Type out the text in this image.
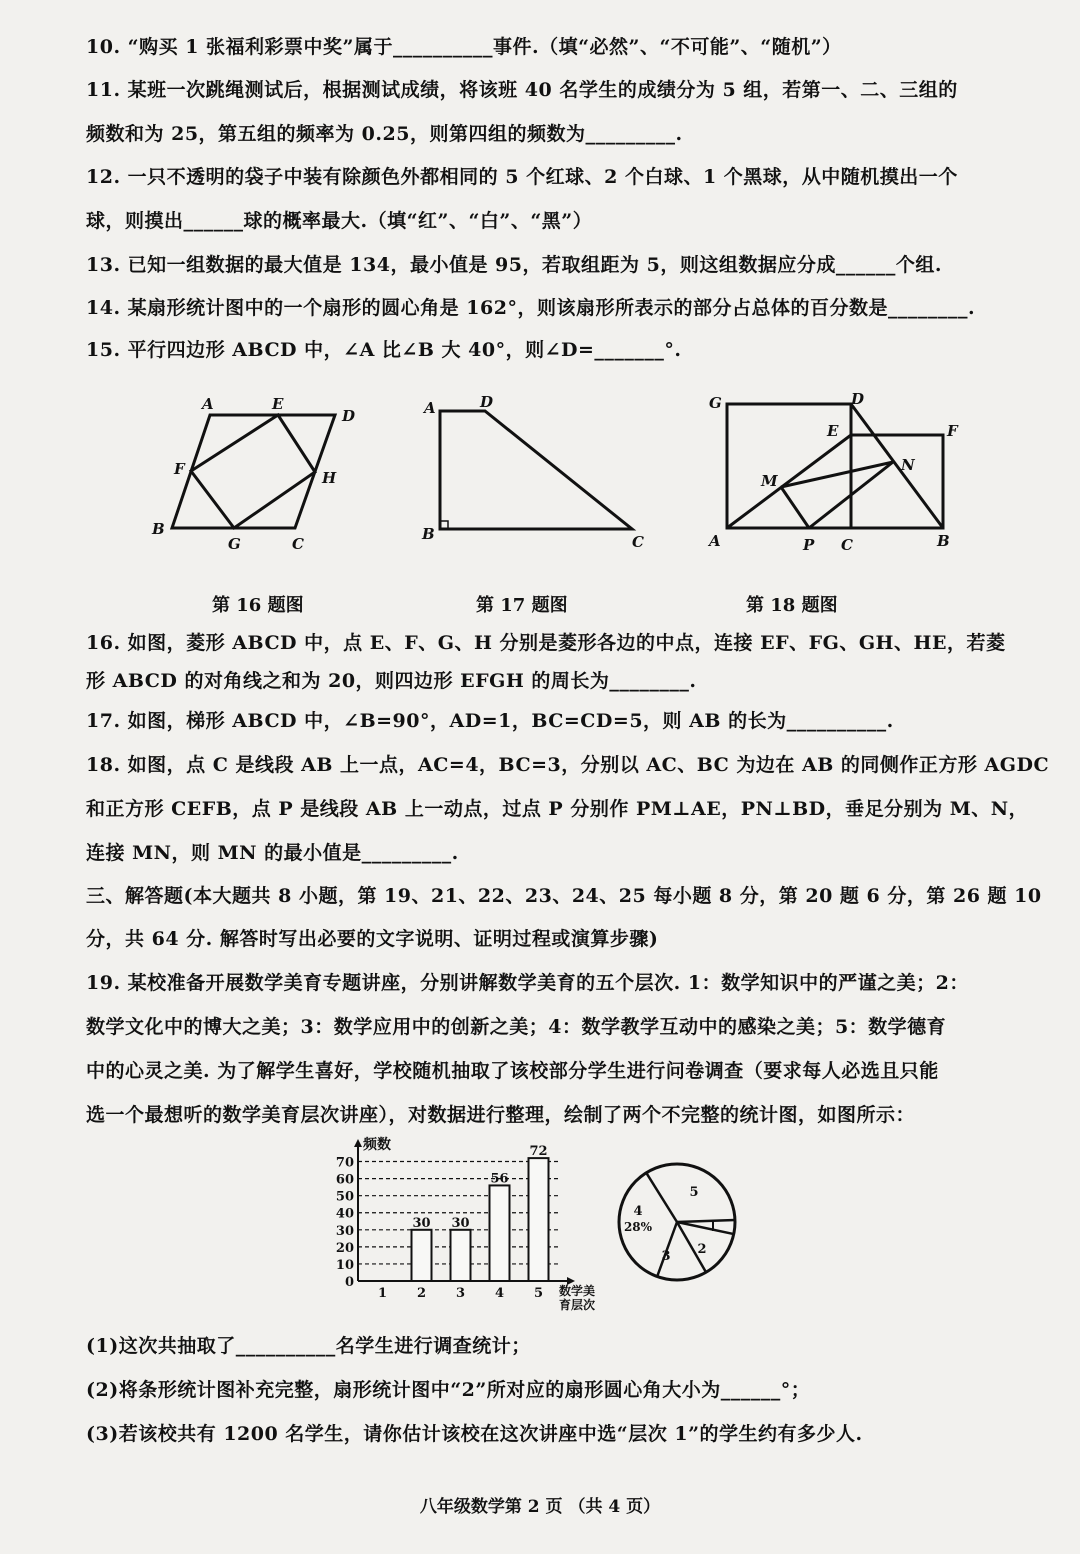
10. “购买 1 张福利彩票中奖”属于__________事件.（填“必然”、“不可能”、“随机”）
11. 某班一次跳绳测试后，根据测试成绩，将该班 40 名学生的成绩分为 5 组，若第一、二、三组的
频数和为 25，第五组的频率为 0.25，则第四组的频数为_________.
12. 一只不透明的袋子中装有除颜色外都相同的 5 个红球、2 个白球、1 个黑球，从中随机摸出一个
球，则摸出______球的概率最大.（填“红”、“白”、“黑”）
13. 已知一组数据的最大值是 134，最小值是 95，若取组距为 5，则这组数据应分成______个组.
14. 某扇形统计图中的一个扇形的圆心角是 162°，则该扇形所表示的部分占总体的百分数是________.
15. 平行四边形 ABCD 中，∠A 比∠B 大 40°，则∠D=_______°.
A	E
D
F	H
B
G	C
第 16 题图
A	D
B	C
第 17 题图
G	D
E	F
N
M
A	P C	B
第 18 题图
16. 如图，菱形 ABCD 中，点 E、F、G、H 分别是菱形各边的中点，连接 EF、FG、GH、HE，若菱
形 ABCD 的对角线之和为 20，则四边形 EFGH 的周长为________.
17. 如图，梯形 ABCD 中，∠B=90°，AD=1，BC=CD=5，则 AB 的长为__________.
18. 如图，点 C 是线段 AB 上一点，AC=4，BC=3，分别以 AC、BC 为边在 AB 的同侧作正方形 AGDC
和正方形 CEFB，点 P 是线段 AB 上一动点，过点 P 分别作 PM⊥AE，PN⊥BD，垂足分别为 M、N，
连接 MN，则 MN 的最小值是_________.
三、解答题(本大题共 8 小题，第 19、21、22、23、24、25 每小题 8 分，第 20 题 6 分，第 26 题 10
分，共 64 分. 解答时写出必要的文字说明、证明过程或演算步骤)
19. 某校准备开展数学美育专题讲座，分别讲解数学美育的五个层次. 1：数学知识中的严谨之美；2：
数学文化中的博大之美；3：数学应用中的创新之美；4：数学教学互动中的感染之美；5：数学德育
中的心灵之美. 为了解学生喜好，学校随机抽取了该校部分学生进行问卷调查（要求每人必选且只能
选一个最想听的数学美育层次讲座），对数据进行整理，绘制了两个不完整的统计图，如图所示：
0
10
20
30
40
50
60
70
频数
数学美
育层次
1 2
30
3
30
4
56
5
72
5
2
3
4
28%
(1)这次共抽取了__________名学生进行调查统计；
(2)将条形统计图补充完整，扇形统计图中“2”所对应的扇形圆心角大小为______°；
(3)若该校共有 1200 名学生，请你估计该校在这次讲座中选“层次 1”的学生约有多少人.
八年级数学第 2 页 （共 4 页）
